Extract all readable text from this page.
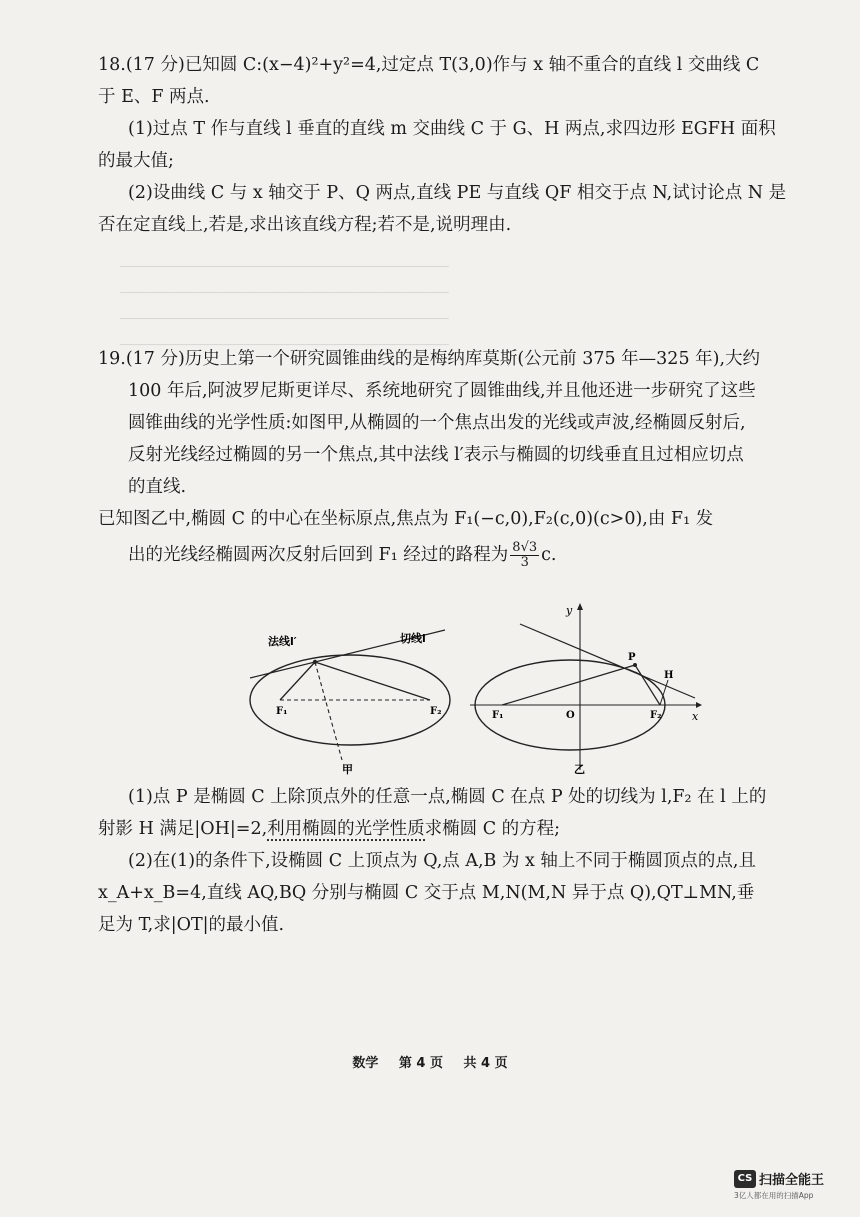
──────────────────────────────────────────
──────────────────────────────────────────
──────────────────────────────────────────
──────────────────────────────────────────

18.(17 分)已知圆 C:(x−4)²+y²=4,过定点 T(3,0)作与 x 轴不重合的直线 l 交曲线 C

于 E、F 两点.

(1)过点 T 作与直线 l 垂直的直线 m 交曲线 C 于 G、H 两点,求四边形 EGFH 面积

的最大值;

(2)设曲线 C 与 x 轴交于 P、Q 两点,直线 PE 与直线 QF 相交于点 N,试讨论点 N 是

否在定直线上,若是,求出该直线方程;若不是,说明理由.

19.(17 分)历史上第一个研究圆锥曲线的是梅纳库莫斯(公元前 375 年—325 年),大约

100 年后,阿波罗尼斯更详尽、系统地研究了圆锥曲线,并且他还进一步研究了这些

圆锥曲线的光学性质:如图甲,从椭圆的一个焦点出发的光线或声波,经椭圆反射后,

反射光线经过椭圆的另一个焦点,其中法线 l′表示与椭圆的切线垂直且过相应切点

的直线.

已知图乙中,椭圆 C 的中心在坐标原点,焦点为 F₁(−c,0),F₂(c,0)(c>0),由 F₁ 发

出的光线经椭圆两次反射后回到 F₁ 经过的路程为 $\frac{8√3}{3} c$.

法线l′	切线l
F₁	F₂
甲
y
x
O
P
H
F₁	F₂
乙

(1)点 P 是椭圆 C 上除顶点外的任意一点,椭圆 C 在点 P 处的切线为 l,F₂ 在 l 上的

射影 H 满足|OH|=2,利用椭圆的光学性质求椭圆 C 的方程;

(2)在(1)的条件下,设椭圆 C 上顶点为 Q,点 A,B 为 x 轴上不同于椭圆顶点的点,且

x_A+x_B=4,直线 AQ,BQ 分别与椭圆 C 交于点 M,N(M,N 异于点 Q),QT⊥MN,垂

足为 T,求|OT|的最小值.

数学 第 4 页 共 4 页
CS 扫描全能王
3亿人都在用的扫描App
